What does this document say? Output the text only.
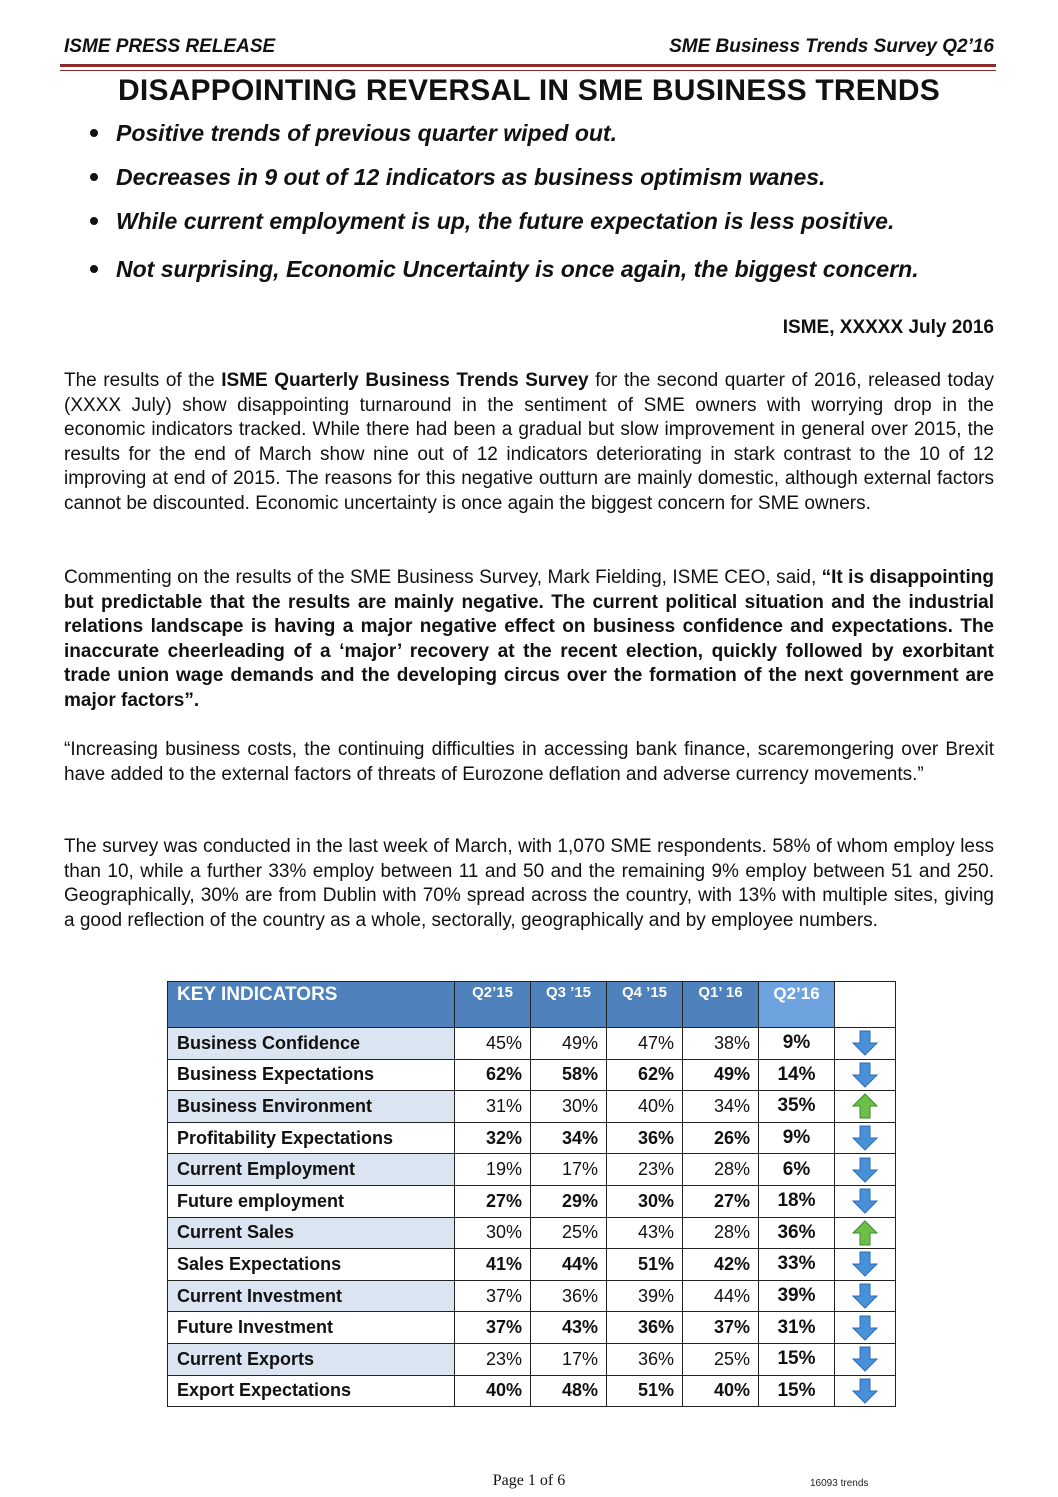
ISME PRESS RELEASE	SME Business Trends Survey Q2’16
DISAPPOINTING REVERSAL IN SME BUSINESS TRENDS
Positive trends of previous quarter wiped out.
Decreases in 9 out of 12 indicators as business optimism wanes.
While current employment is up, the future expectation is less positive.
Not surprising, Economic Uncertainty is once again, the biggest concern.
ISME, XXXXX July 2016

The results of the ISME Quarterly Business Trends Survey for the second quarter of 2016, released today (XXXX July) show disappointing turnaround in the sentiment of SME owners with worrying drop in the economic indicators tracked. While there had been a gradual but slow improvement in general over 2015, the results for the end of March show nine out of 12 indicators deteriorating in stark contrast to the 10 of 12 improving at end of 2015. The reasons for this negative outturn are mainly domestic, although external factors cannot be discounted. Economic uncertainty is once again the biggest concern for SME owners.

Commenting on the results of the SME Business Survey, Mark Fielding, ISME CEO, said, “It is disappointing but predictable that the results are mainly negative. The current political situation and the industrial relations landscape is having a major negative effect on business confidence and expectations. The inaccurate cheerleading of a ‘major’ recovery at the recent election, quickly followed by exorbitant trade union wage demands and the developing circus over the formation of the next government are major factors”.

“Increasing business costs, the continuing difficulties in accessing bank finance, scaremongering over Brexit have added to the external factors of threats of Eurozone deflation and adverse currency movements.”

The survey was conducted in the last week of March, with 1,070 SME respondents. 58% of whom employ less than 10, while a further 33% employ between 11 and 50 and the remaining 9% employ between 51 and 250. Geographically, 30% are from Dublin with 70% spread across the country, with 13% with multiple sites, giving a good reflection of the country as a whole, sectorally, geographically and by employee numbers.

KEY INDICATORS	Q2’15	Q3 ’15	Q4 ’15	Q1’ 16	Q2’16	
Business Confidence	45%	49%	47%	38%	9%	

Business Expectations	62%	58%	62%	49%	14%	

Business Environment	31%	30%	40%	34%	35%	

Profitability Expectations	32%	34%	36%	26%	9%	

Current Employment	19%	17%	23%	28%	6%	

Future employment	27%	29%	30%	27%	18%	

Current Sales	30%	25%	43%	28%	36%	

Sales Expectations	41%	44%	51%	42%	33%	

Current Investment	37%	36%	39%	44%	39%	

Future Investment	37%	43%	36%	37%	31%	

Current Exports	23%	17%	36%	25%	15%	

Export Expectations	40%	48%	51%	40%	15%	
Page 1 of 6	16093 trends
